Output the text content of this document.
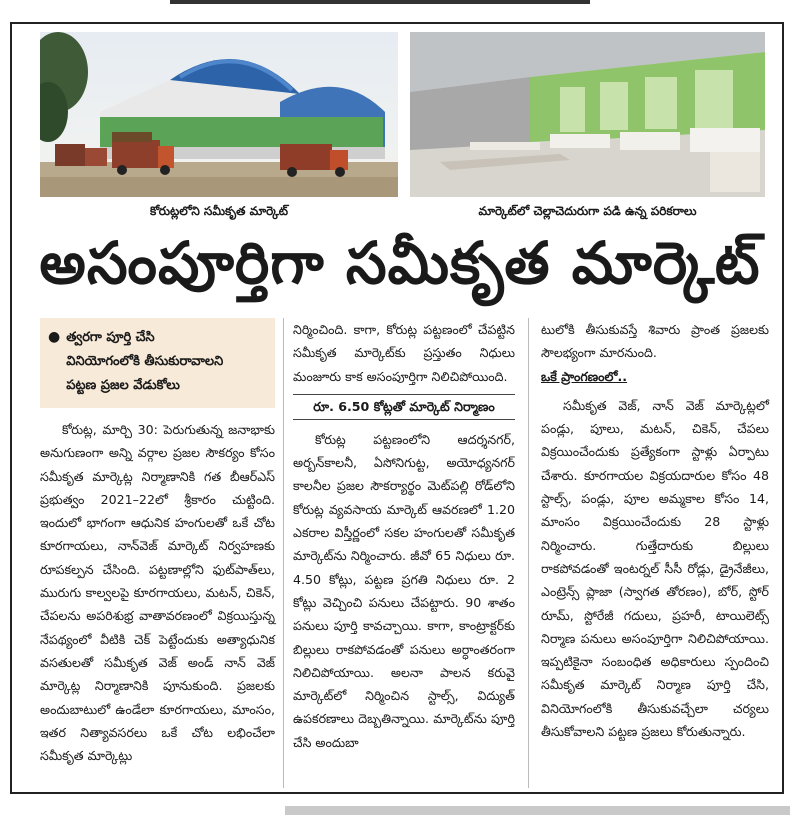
కోరుట్లలోని సమీకృత మార్కెట్	మార్కెట్‌లో చెల్లాచెదురుగా పడి ఉన్న పరికరాలు
అసంపూర్తిగా సమీకృత మార్కెట్
● త్వరగా పూర్తి చేసి
వినియోగంలోకి తీసుకురావాలని
పట్టణ ప్రజల వేడుకోలు

కోరుట్ల, మార్చి 30: పెరుగుతున్న జనాభాకు అనుగుణంగా అన్ని వర్గాల ప్రజల సౌకర్యం కోసం సమీకృత మార్కెట్ల నిర్మాణానికి గత బీఆర్‌ఎస్ ప్రభుత్వం 2021–22లో శ్రీకారం చుట్టింది. ఇందులో భాగంగా ఆధునిక హంగులతో ఒకే చోట కూరగాయలు, నాన్‌వెజ్ మార్కెట్ నిర్వహణకు రూపకల్పన చేసింది. పట్టణాల్లోని ఫుట్‌పాత్‌లు, మురుగు కాల్వలపై కూరగాయలు, మటన్, చికెన్, చేపలను అపరిశుభ్ర వాతావరణంలో విక్రయిస్తున్న నేపథ్యంలో వీటికి చెక్ పెట్టేందుకు అత్యాధునిక వసతులతో సమీకృత వెజ్ అండ్ నాన్ వెజ్ మార్కెట్ల నిర్మాణానికి పూనుకుంది. ప్రజలకు అందుబాటులో ఉండేలా కూరగాయలు, మాంసం, ఇతర నిత్యావసరలు ఒకే చోట లభించేలా సమీకృత మార్కెట్లు

నిర్మించింది. కాగా, కోరుట్ల పట్టణంలో చేపట్టిన సమీకృత మార్కెట్‌కు ప్రస్తుతం నిధులు మంజూరు కాక అసంపూర్తిగా నిలిచిపోయింది.

రూ. 6.50 కోట్లతో మార్కెట్ నిర్మాణం

కోరుట్ల పట్టణంలోని ఆదర్శనగర్, అర్బన్‌కాలనీ, ఏసోనిగుట్ట, అయోధ్యనగర్ కాలనీల ప్రజల సౌకర్యార్థం మెట్‌పల్లి రోడ్‌లోని కోరుట్ల వ్యవసాయ మార్కెట్ ఆవరణలో 1.20 ఎకరాల విస్తీర్ణంలో సకల హంగులతో సమీకృత మార్కెట్‌ను నిర్మించారు. జీవో 65 నిధులు రూ. 4.50 కోట్లు, పట్టణ ప్రగతి నిధులు రూ. 2 కోట్లు వెచ్చించి పనులు చేపట్టారు. 90 శాతం పనులు పూర్తి కావచ్చాయి. కాగా, కాంట్రాక్టర్‌కు బిల్లులు రాకపోవడంతో పనులు అర్ధాంతరంగా నిలిచిపోయాయి. అలనా పాలన కరువై మార్కెట్‌లో నిర్మించిన స్టాల్స్, విద్యుత్ ఉపకరణాలు దెబ్బతిన్నాయి. మార్కెట్‌ను పూర్తి చేసి అందుబా

టులోకి తీసుకువస్తే శివారు ప్రాంత ప్రజలకు సౌలభ్యంగా మారనుంది.

ఒకే ప్రాంగణంలో..

సమీకృత వెజ్, నాన్ వెజ్ మార్కెట్లలో పండ్లు, పూలు, మటన్, చికెన్, చేపలు విక్రయించేందుకు ప్రత్యేకంగా స్టాళ్లు ఏర్పాటు చేశారు. కూరగాయల విక్రయదారుల కోసం 48 స్టాల్స్, పండ్లు, పూల అమ్మకాల కోసం 14, మాంసం విక్రయించేందుకు 28 స్టాళ్లు నిర్మించారు. గుత్తేదారుకు బిల్లులు రాకపోవడంతో ఇంటర్నల్ సీసీ రోడ్లు, డ్రైనేజీలు, ఎంట్రెన్స్ ప్లాజా (స్వాగత తోరణం), బోర్, స్టోర్ రూమ్, స్టోరేజీ గదులు, ప్రహరీ, టాయిలెట్స్ నిర్మాణ పనులు అసంపూర్తిగా నిలిచిపోయాయి. ఇప్పటికైనా సంబంధిత అధికారులు స్పందించి సమీకృత మార్కెట్ నిర్మాణ పూర్తి చేసి, వినియోగంలోకి తీసుకువచ్చేలా చర్యలు తీసుకోవాలని పట్టణ ప్రజలు కోరుతున్నారు.
